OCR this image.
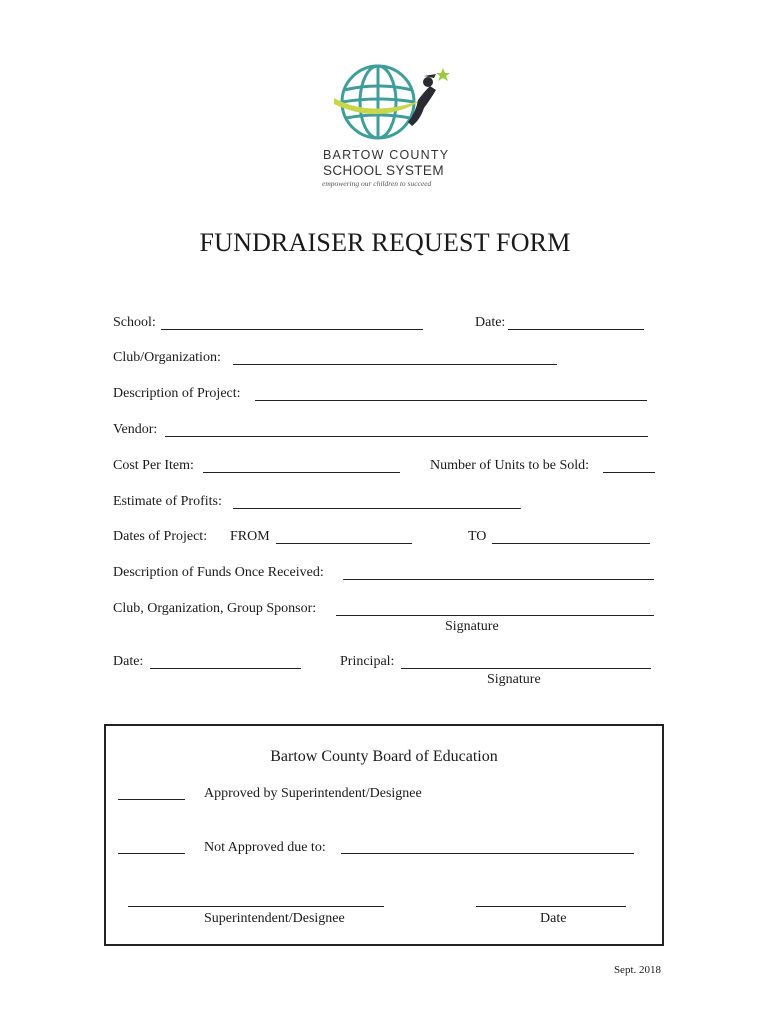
BARTOW COUNTY
SCHOOL SYSTEM
empowering our children to succeed
FUNDRAISER REQUEST FORM
School:	Date:
Club/Organization:
Description of Project:
Vendor:
Cost Per Item:	Number of Units to be Sold:
Estimate of Profits:
Dates of Project: FROM	TO
Description of Funds Once Received:
Club, Organization, Group Sponsor:
Signature
Date:	Principal:
Signature
Bartow County Board of Education
Approved by Superintendent/Designee
Not Approved due to:
Superintendent/Designee	Date
Sept. 2018
